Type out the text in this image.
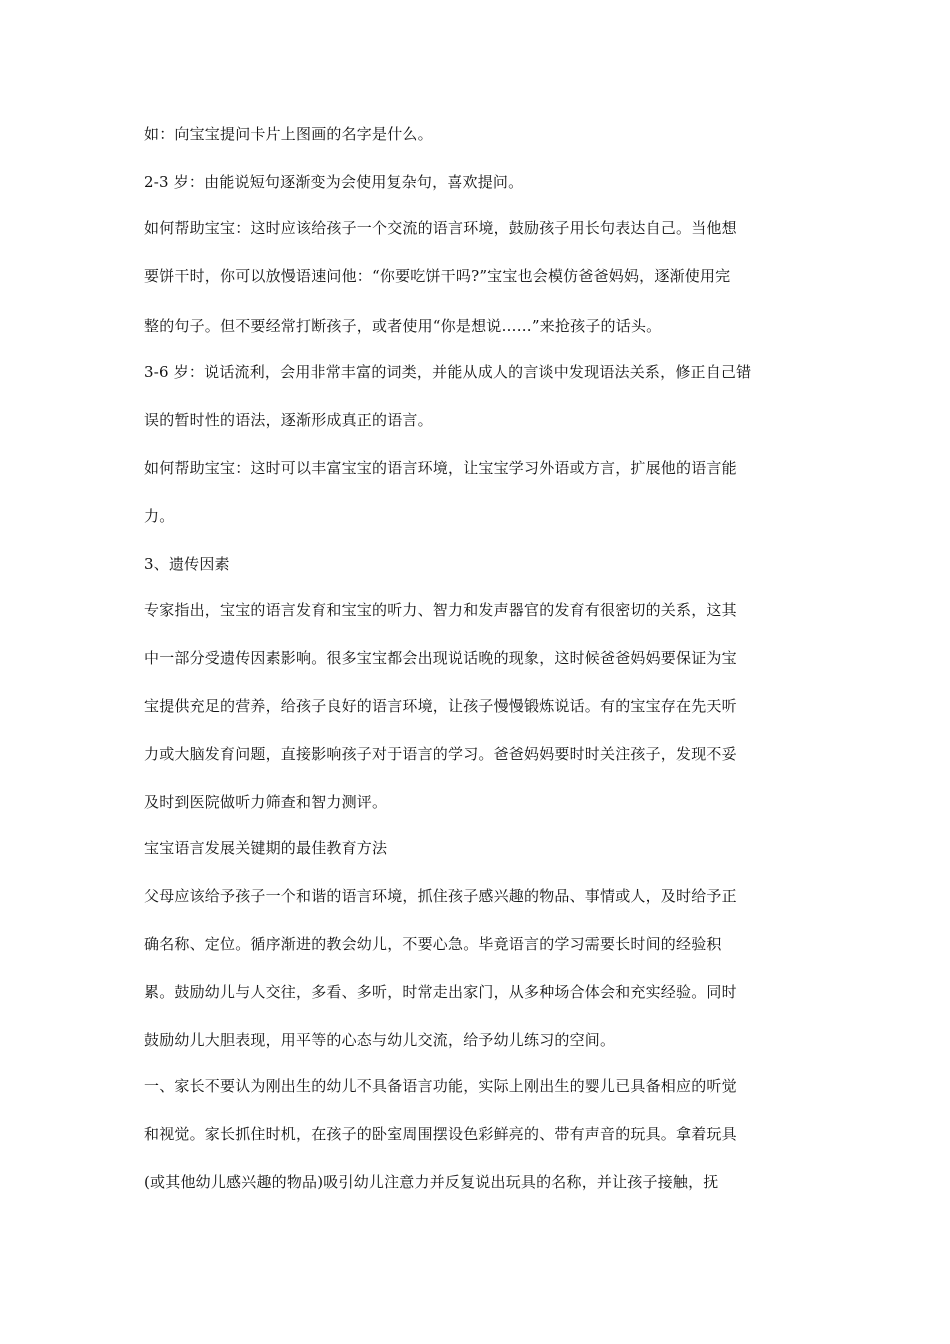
如：向宝宝提问卡片上图画的名字是什么。
2-3 岁：由能说短句逐渐变为会使用复杂句，喜欢提问。
如何帮助宝宝：这时应该给孩子一个交流的语言环境，鼓励孩子用长句表达自己。当他想
要饼干时，你可以放慢语速问他：“你要吃饼干吗?”宝宝也会模仿爸爸妈妈，逐渐使用完
整的句子。但不要经常打断孩子，或者使用“你是想说……”来抢孩子的话头。
3-6 岁：说话流利，会用非常丰富的词类，并能从成人的言谈中发现语法关系，修正自己错
误的暂时性的语法，逐渐形成真正的语言。
如何帮助宝宝：这时可以丰富宝宝的语言环境，让宝宝学习外语或方言，扩展他的语言能
力。
3、遗传因素
专家指出，宝宝的语言发育和宝宝的听力、智力和发声器官的发育有很密切的关系，这其
中一部分受遗传因素影响。很多宝宝都会出现说话晚的现象，这时候爸爸妈妈要保证为宝
宝提供充足的营养，给孩子良好的语言环境，让孩子慢慢锻炼说话。有的宝宝存在先天听
力或大脑发育问题，直接影响孩子对于语言的学习。爸爸妈妈要时时关注孩子，发现不妥
及时到医院做听力筛查和智力测评。
宝宝语言发展关键期的最佳教育方法
父母应该给予孩子一个和谐的语言环境，抓住孩子感兴趣的物品、事情或人，及时给予正
确名称、定位。循序渐进的教会幼儿，不要心急。毕竟语言的学习需要长时间的经验积
累。鼓励幼儿与人交往，多看、多听，时常走出家门，从多种场合体会和充实经验。同时
鼓励幼儿大胆表现，用平等的心态与幼儿交流，给予幼儿练习的空间。
一、家长不要认为刚出生的幼儿不具备语言功能，实际上刚出生的婴儿已具备相应的听觉
和视觉。家长抓住时机，在孩子的卧室周围摆设色彩鲜亮的、带有声音的玩具。拿着玩具
(或其他幼儿感兴趣的物品)吸引幼儿注意力并反复说出玩具的名称，并让孩子接触，抚
